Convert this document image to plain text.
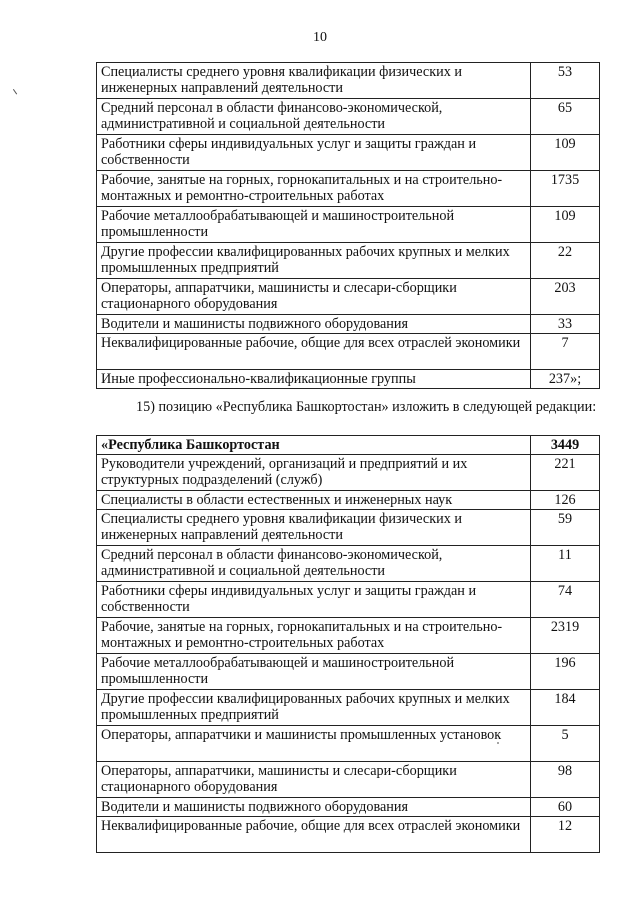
10
Специалисты среднего уровня квалификации физических и инженерных направлений деятельности	53
Средний персонал в области финансово-экономической, административной и социальной деятельности	65
Работники сферы индивидуальных услуг и защиты граждан и собственности	109
Рабочие, занятые на горных, горнокапитальных и на строительно-монтажных и ремонтно-строительных работах	1735
Рабочие металлообрабатывающей и машиностроительной промышленности	109
Другие профессии квалифицированных рабочих крупных и мелких промышленных предприятий	22
Операторы, аппаратчики, машинисты и слесари-сборщики стационарного оборудования	203
Водители и машинисты подвижного оборудования	33
Неквалифицированные рабочие, общие для всех отраслей экономики	7
Иные профессионально-квалификационные группы	237»;

15) позицию «Республика Башкортостан» изложить в следующей редакции:

«Республика Башкортостан	3449
Руководители учреждений, организаций и предприятий и их структурных подразделений (служб)	221
Специалисты в области естественных и инженерных наук	126
Специалисты среднего уровня квалификации физических и инженерных направлений деятельности	59
Средний персонал в области финансово-экономической, административной и социальной деятельности	11
Работники сферы индивидуальных услуг и защиты граждан и собственности	74
Рабочие, занятые на горных, горнокапитальных и на строительно-монтажных и ремонтно-строительных работах	2319
Рабочие металлообрабатывающей и машиностроительной промышленности	196
Другие профессии квалифицированных рабочих крупных и мелких промышленных предприятий	184
Операторы, аппаратчики и машинисты промышленных установок	5
Операторы, аппаратчики, машинисты и слесари-сборщики стационарного оборудования	98
Водители и машинисты подвижного оборудования	60
Неквалифицированные рабочие, общие для всех отраслей экономики	12
